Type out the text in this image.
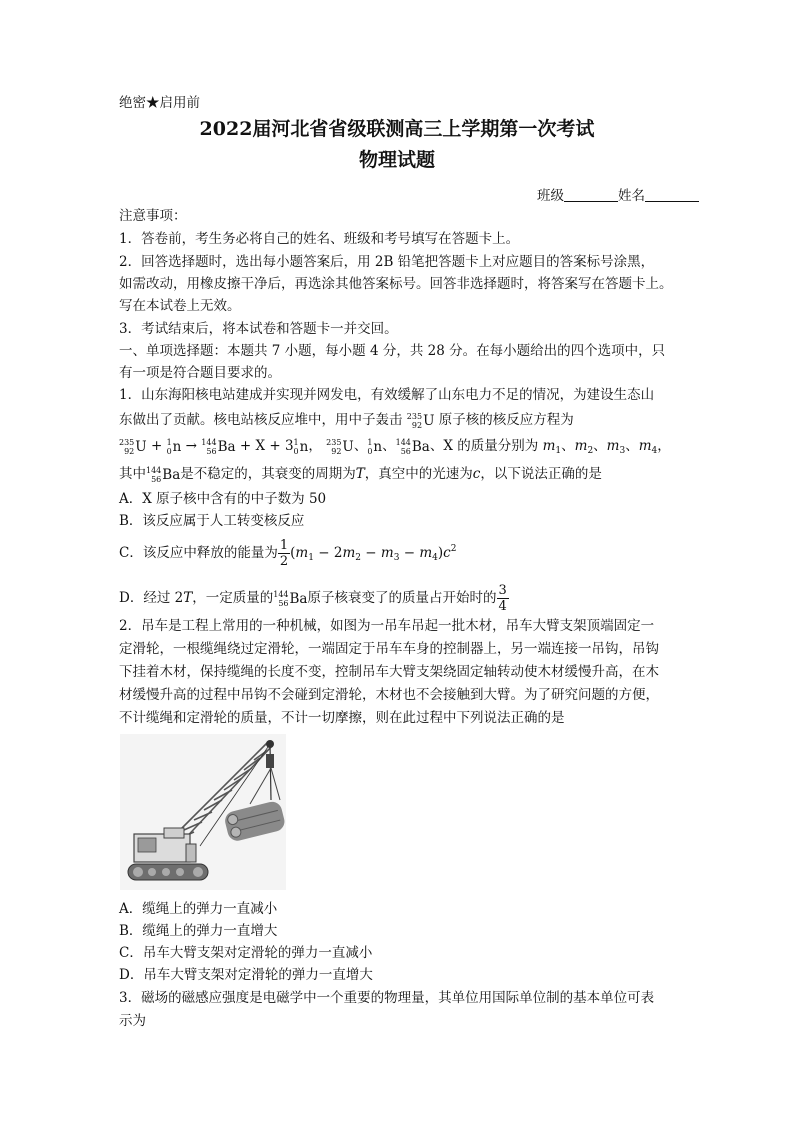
绝密★启用前
2022届河北省省级联测高三上学期第一次考试
物理试题
班级	姓名
注意事项：
1．答卷前，考生务必将自己的姓名、班级和考号填写在答题卡上。
2．回答选择题时，选出每小题答案后，用 2B 铅笔把答题卡上对应题目的答案标号涂黑，
如需改动，用橡皮擦干净后，再选涂其他答案标号。回答非选择题时，将答案写在答题卡上。
写在本试卷上无效。
3．考试结束后，将本试卷和答题卡一并交回。
一、单项选择题：本题共 7 小题，每小题 4 分，共 28 分。在每小题给出的四个选项中，只
有一项是符合题目要求的。
1．山东海阳核电站建成并实现并网发电，有效缓解了山东电力不足的情况，为建设生态山
东做出了贡献。核电站核反应堆中，用中子轰击 235
92 U 原子核的核反应方程为
235
92 U + 1
0 n → 144
56 Ba + X + 3 1
0 n， 235
92 U、 1
0 n、 144
56 Ba、X 的质量分别为 $m_1$、$m_2$、$m_3$、$m_4$，
其中 144
56 Ba是不稳定的，其衰变的周期为T，真空中的光速为c，以下说法正确的是
A．X 原子核中含有的中子数为 50
B．该反应属于人工转变核反应
C．该反应中释放的能量为 $\frac{1}{2} (m_1 - 2m_2 - m_3 - m_4)c^2$
D．经过 2T，一定质量的 144
56 Ba原子核衰变了的质量占开始时的 $\frac{3}{4}$
2．吊车是工程上常用的一种机械，如图为一吊车吊起一批木材，吊车大臂支架顶端固定一
定滑轮，一根缆绳绕过定滑轮，一端固定于吊车车身的控制器上，另一端连接一吊钩，吊钩
下挂着木材，保持缆绳的长度不变，控制吊车大臂支架绕固定轴转动使木材缓慢升高，在木
材缓慢升高的过程中吊钩不会碰到定滑轮，木材也不会接触到大臂。为了研究问题的方便，
不计缆绳和定滑轮的质量，不计一切摩擦，则在此过程中下列说法正确的是
A．缆绳上的弹力一直减小
B．缆绳上的弹力一直增大
C．吊车大臂支架对定滑轮的弹力一直减小
D．吊车大臂支架对定滑轮的弹力一直增大
3．磁场的磁感应强度是电磁学中一个重要的物理量，其单位用国际单位制的基本单位可表
示为
